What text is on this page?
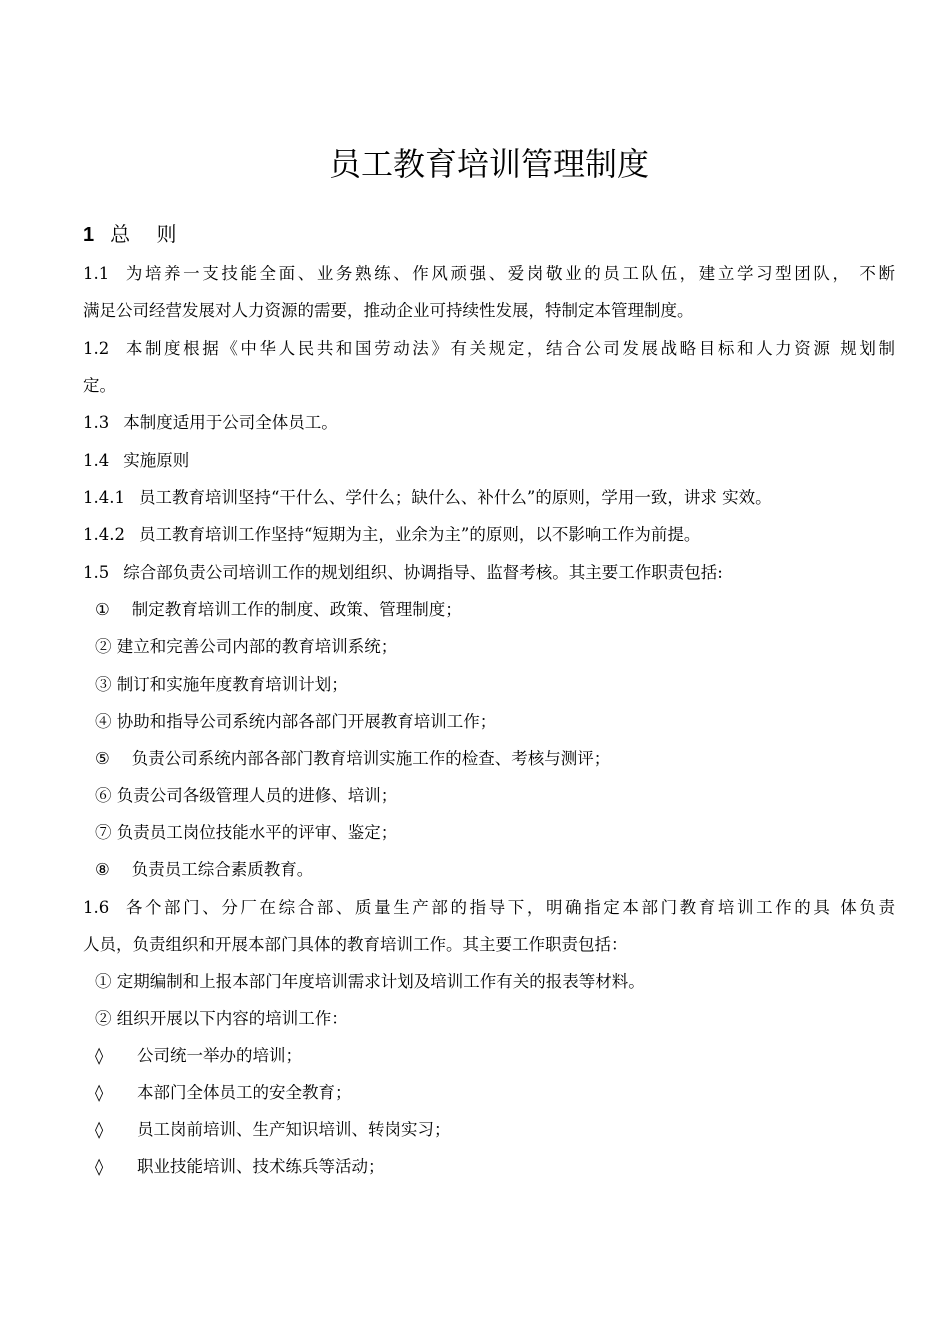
员工教育培训管理制度
1 总 则
1.1 为培养一支技能全面、业务熟练、作风顽强、爱岗敬业的员工队伍，建立学习型团队， 不断
满足公司经营发展对人力资源的需要，推动企业可持续性发展，特制定本管理制度。
1.2 本制度根据《中华人民共和国劳动法》有关规定，结合公司发展战略目标和人力资源 规划制
定。
1.3 本制度适用于公司全体员工。
1.4 实施原则
1.4.1 员工教育培训坚持“干什么、学什么；缺什么、补什么”的原则，学用一致，讲求 实效。
1.4.2 员工教育培训工作坚持“短期为主，业余为主”的原则，以不影响工作为前提。
1.5 综合部负责公司培训工作的规划组织、协调指导、监督考核。其主要工作职责包括:
① 制定教育培训工作的制度、政策、管理制度；
② 建立和完善公司内部的教育培训系统；
③ 制订和实施年度教育培训计划；
④ 协助和指导公司系统内部各部门开展教育培训工作；
⑤ 负责公司系统内部各部门教育培训实施工作的检查、考核与测评；
⑥ 负责公司各级管理人员的进修、培训；
⑦ 负责员工岗位技能水平的评审、鉴定；
⑧ 负责员工综合素质教育。
1.6 各个部门、分厂在综合部、质量生产部的指导下，明确指定本部门教育培训工作的具 体负责
人员，负责组织和开展本部门具体的教育培训工作。其主要工作职责包括：
① 定期编制和上报本部门年度培训需求计划及培训工作有关的报表等材料。
② 组织开展以下内容的培训工作：
◊ 公司统一举办的培训；
◊ 本部门全体员工的安全教育；
◊ 员工岗前培训、生产知识培训、转岗实习；
◊ 职业技能培训、技术练兵等活动；
